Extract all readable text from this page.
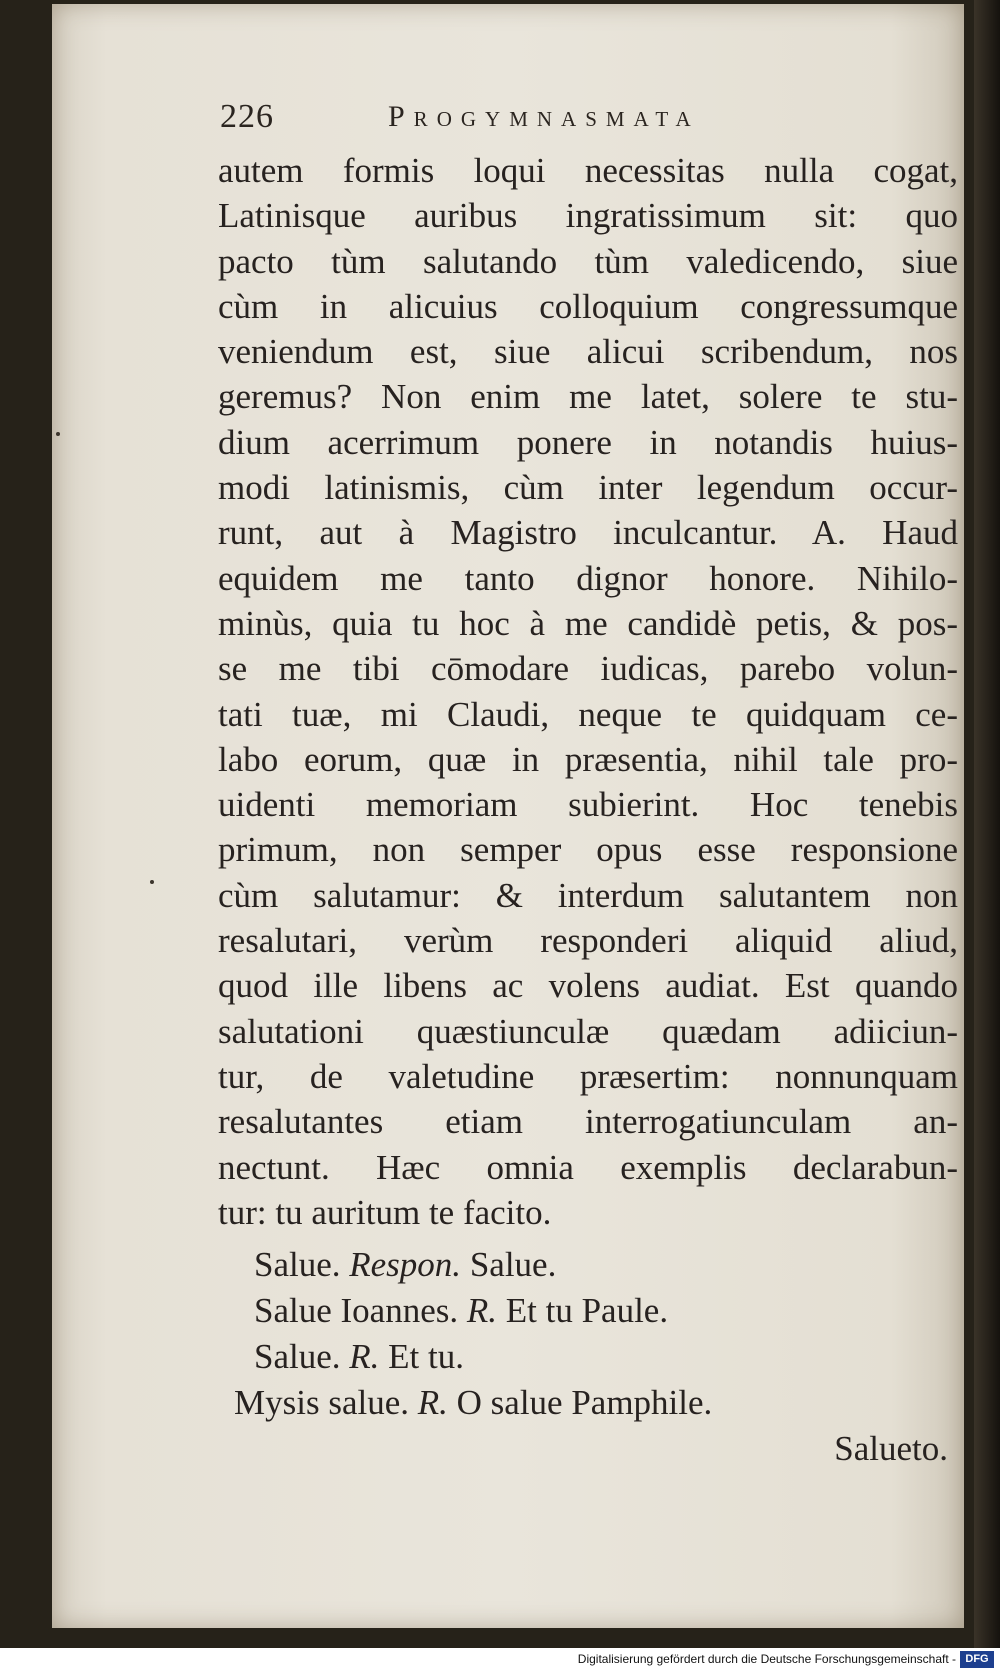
226	Progymnasmata
autem formis loqui necessitas nulla cogat,
Latinisque auribus ingratissimum sit: quo
pacto tùm salutando tùm valedicendo, siue
cùm in alicuius colloquium congressumque
veniendum est, siue alicui scribendum, nos
geremus? Non enim me latet, solere te stu-
dium acerrimum ponere in notandis huius-
modi latinismis, cùm inter legendum occur-
runt, aut à Magistro inculcantur. A. Haud
equidem me tanto dignor honore. Nihilo-
minùs, quia tu hoc à me candidè petis, & pos-
se me tibi cōmodare iudicas, parebo volun-
tati tuæ, mi Claudi, neque te quidquam ce-
labo eorum, quæ in præsentia, nihil tale pro-
uidenti memoriam subierint. Hoc tenebis
primum, non semper opus esse responsione
cùm salutamur: & interdum salutantem non
resalutari, verùm responderi aliquid aliud,
quod ille libens ac volens audiat. Est quando
salutationi quæstiunculæ quædam adiiciun-
tur, de valetudine præsertim: nonnunquam
resalutantes etiam interrogatiunculam an-
nectunt. Hæc omnia exemplis declarabun-
tur: tu auritum te facito.
Salue. Respon. Salue.
Salue Ioannes. R. Et tu Paule.
Salue. R. Et tu.
Mysis salue. R. O salue Pamphile.
Salueto.
Digitalisierung gefördert durch die Deutsche Forschungsgemeinschaft - DFG
